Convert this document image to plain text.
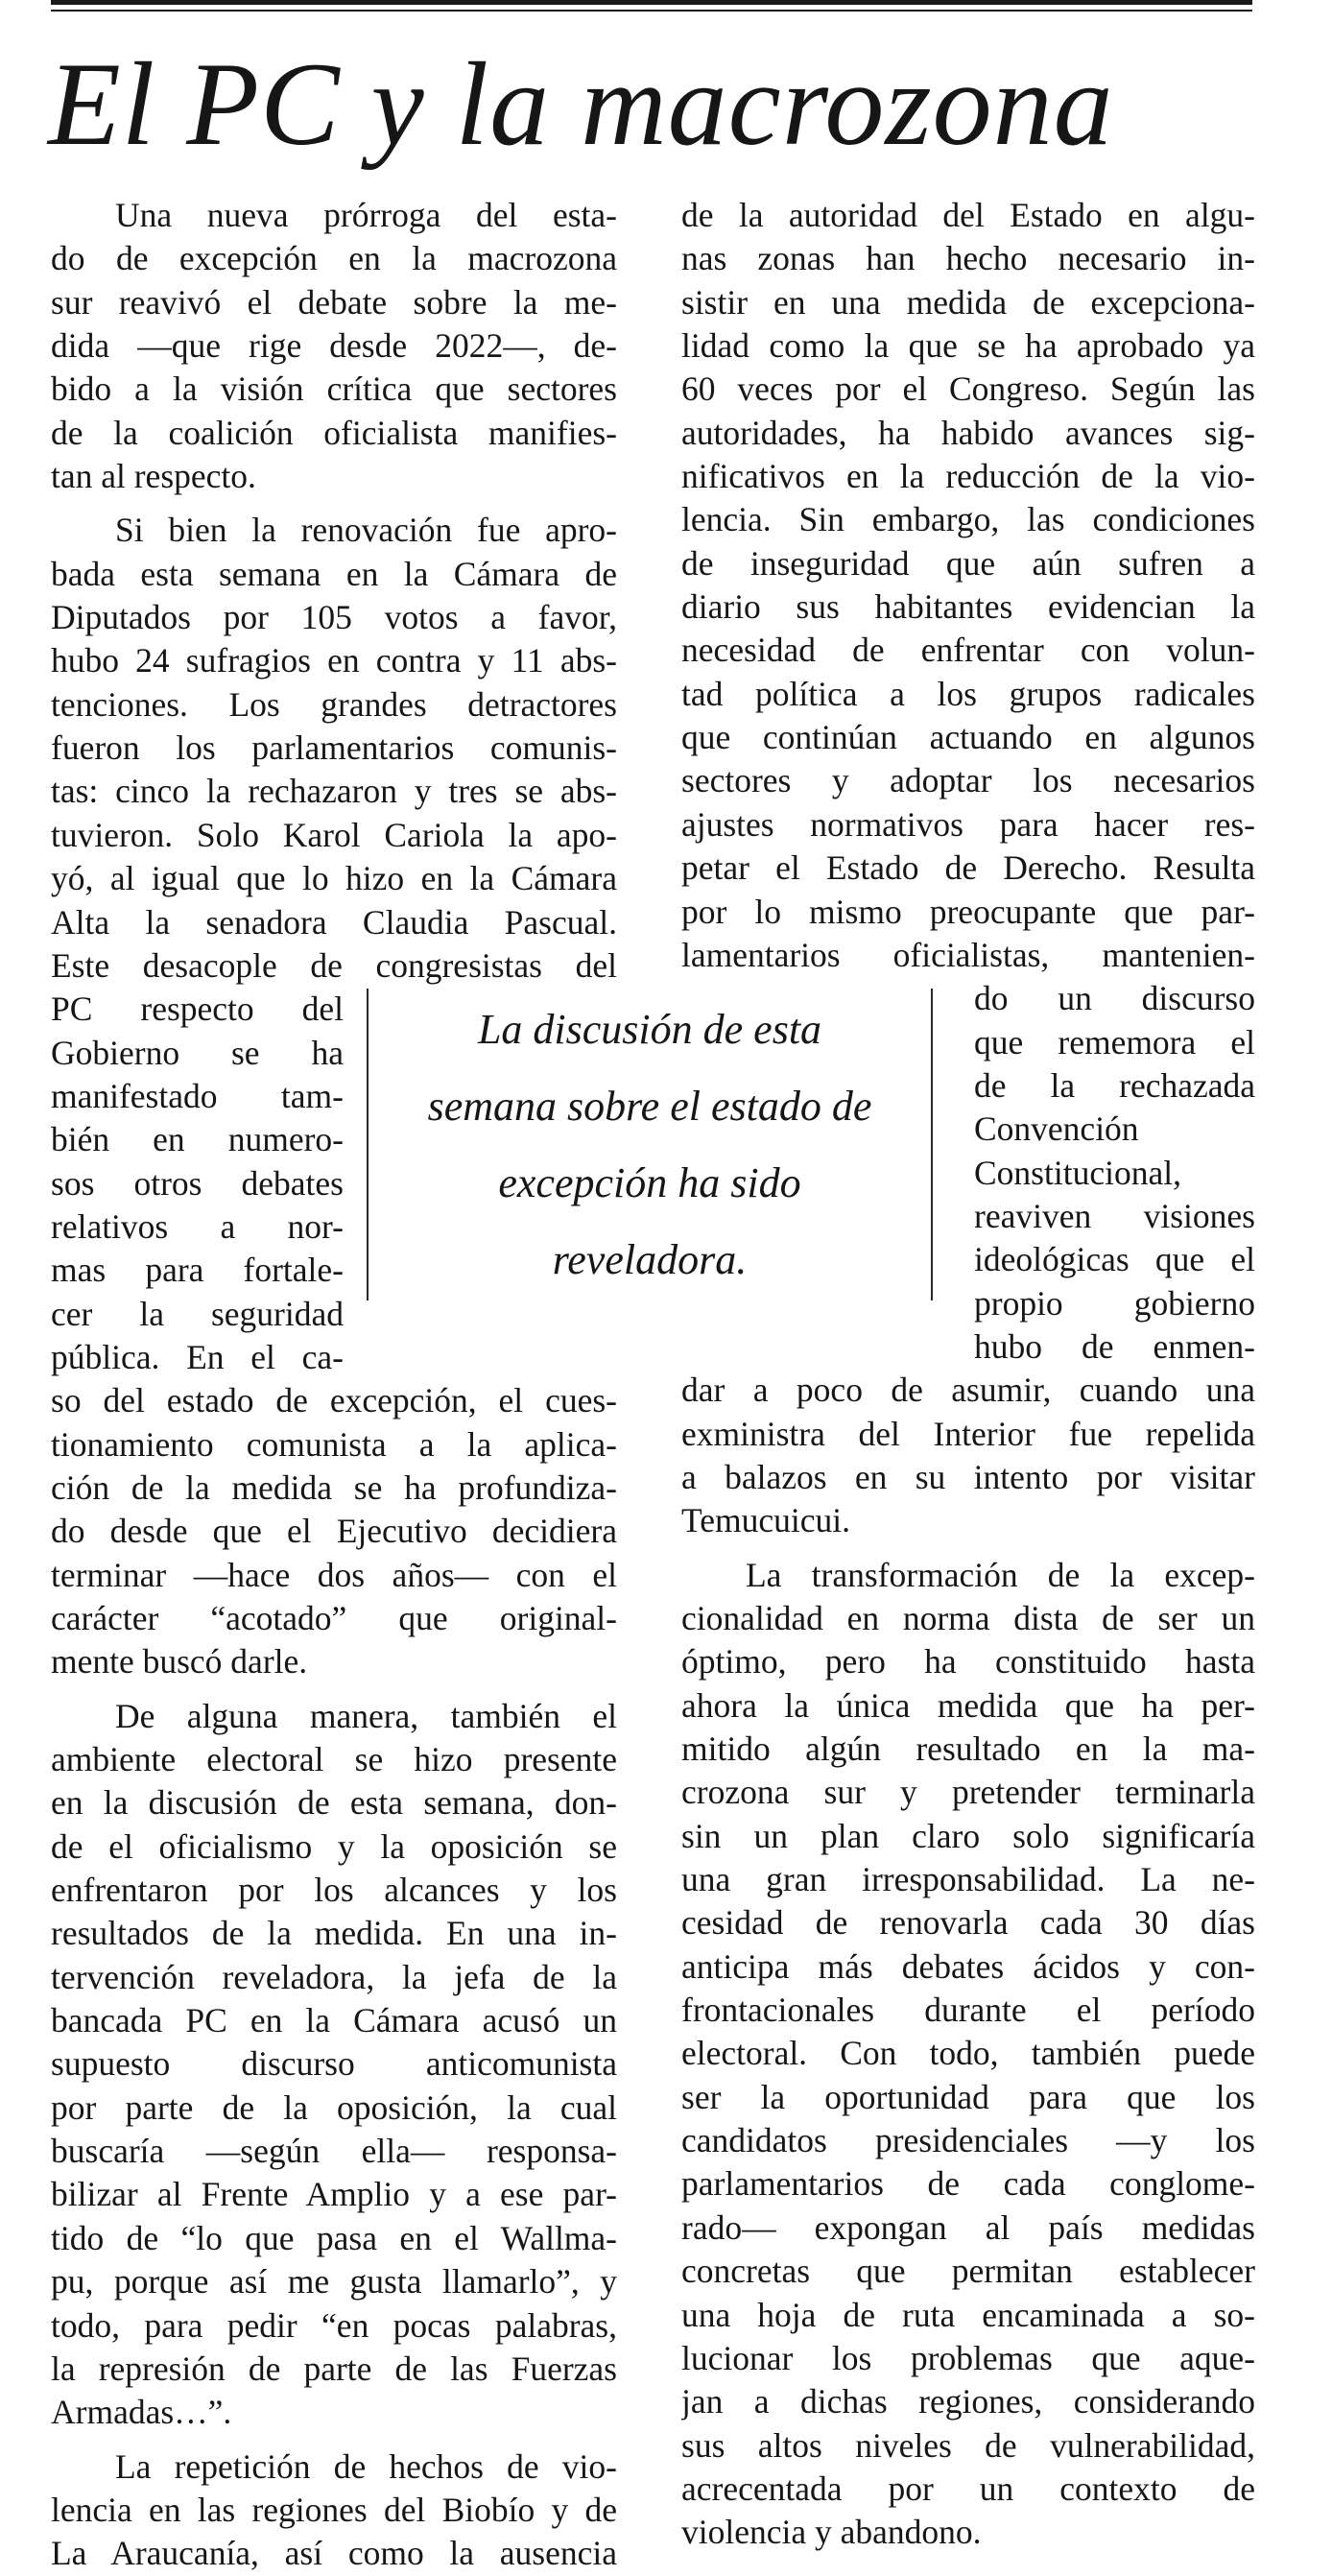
El PC y la macrozona
Una nueva prórroga del esta-
do de excepción en la macrozona
sur reavivó el debate sobre la me-
dida —que rige desde 2022—, de-
bido a la visión crítica que sectores
de la coalición oficialista manifies-
tan al respecto.
Si bien la renovación fue apro-
bada esta semana en la Cámara de
Diputados por 105 votos a favor,
hubo 24 sufragios en contra y 11 abs-
tenciones. Los grandes detractores
fueron los parlamentarios comunis-
tas: cinco la rechazaron y tres se abs-
tuvieron. Solo Karol Cariola la apo-
yó, al igual que lo hizo en la Cámara
Alta la senadora Claudia Pascual.
Este desacople de congresistas del
PC respecto del
Gobierno se ha
manifestado tam-
bién en numero-
sos otros debates
relativos a nor-
mas para fortale-
cer la seguridad
pública. En el ca-
so del estado de excepción, el cues-
tionamiento comunista a la aplica-
ción de la medida se ha profundiza-
do desde que el Ejecutivo decidiera
terminar —hace dos años— con el
carácter “acotado” que original-
mente buscó darle.
De alguna manera, también el
ambiente electoral se hizo presente
en la discusión de esta semana, don-
de el oficialismo y la oposición se
enfrentaron por los alcances y los
resultados de la medida. En una in-
tervención reveladora, la jefa de la
bancada PC en la Cámara acusó un
supuesto discurso anticomunista
por parte de la oposición, la cual
buscaría —según ella— responsa-
bilizar al Frente Amplio y a ese par-
tido de “lo que pasa en el Wallma-
pu, porque así me gusta llamarlo”, y
todo, para pedir “en pocas palabras,
la represión de parte de las Fuerzas
Armadas…”.
La repetición de hechos de vio-
lencia en las regiones del Biobío y de
La Araucanía, así como la ausencia
de la autoridad del Estado en algu-
nas zonas han hecho necesario in-
sistir en una medida de excepciona-
lidad como la que se ha aprobado ya
60 veces por el Congreso. Según las
autoridades, ha habido avances sig-
nificativos en la reducción de la vio-
lencia. Sin embargo, las condiciones
de inseguridad que aún sufren a
diario sus habitantes evidencian la
necesidad de enfrentar con volun-
tad política a los grupos radicales
que continúan actuando en algunos
sectores y adoptar los necesarios
ajustes normativos para hacer res-
petar el Estado de Derecho. Resulta
por lo mismo preocupante que par-
lamentarios oficialistas, mantenien-
do un discurso
que rememora el
de la rechazada
Convención
Constitucional,
reaviven visiones
ideológicas que el
propio gobierno
hubo de enmen-
dar a poco de asumir, cuando una
exministra del Interior fue repelida
a balazos en su intento por visitar
Temucuicui.
La transformación de la excep-
cionalidad en norma dista de ser un
óptimo, pero ha constituido hasta
ahora la única medida que ha per-
mitido algún resultado en la ma-
crozona sur y pretender terminarla
sin un plan claro solo significaría
una gran irresponsabilidad. La ne-
cesidad de renovarla cada 30 días
anticipa más debates ácidos y con-
frontacionales durante el período
electoral. Con todo, también puede
ser la oportunidad para que los
candidatos presidenciales —y los
parlamentarios de cada conglome-
rado— expongan al país medidas
concretas que permitan establecer
una hoja de ruta encaminada a so-
lucionar los problemas que aque-
jan a dichas regiones, considerando
sus altos niveles de vulnerabilidad,
acrecentada por un contexto de
violencia y abandono.
La discusión de esta
semana sobre el estado de
excepción ha sido
reveladora.
